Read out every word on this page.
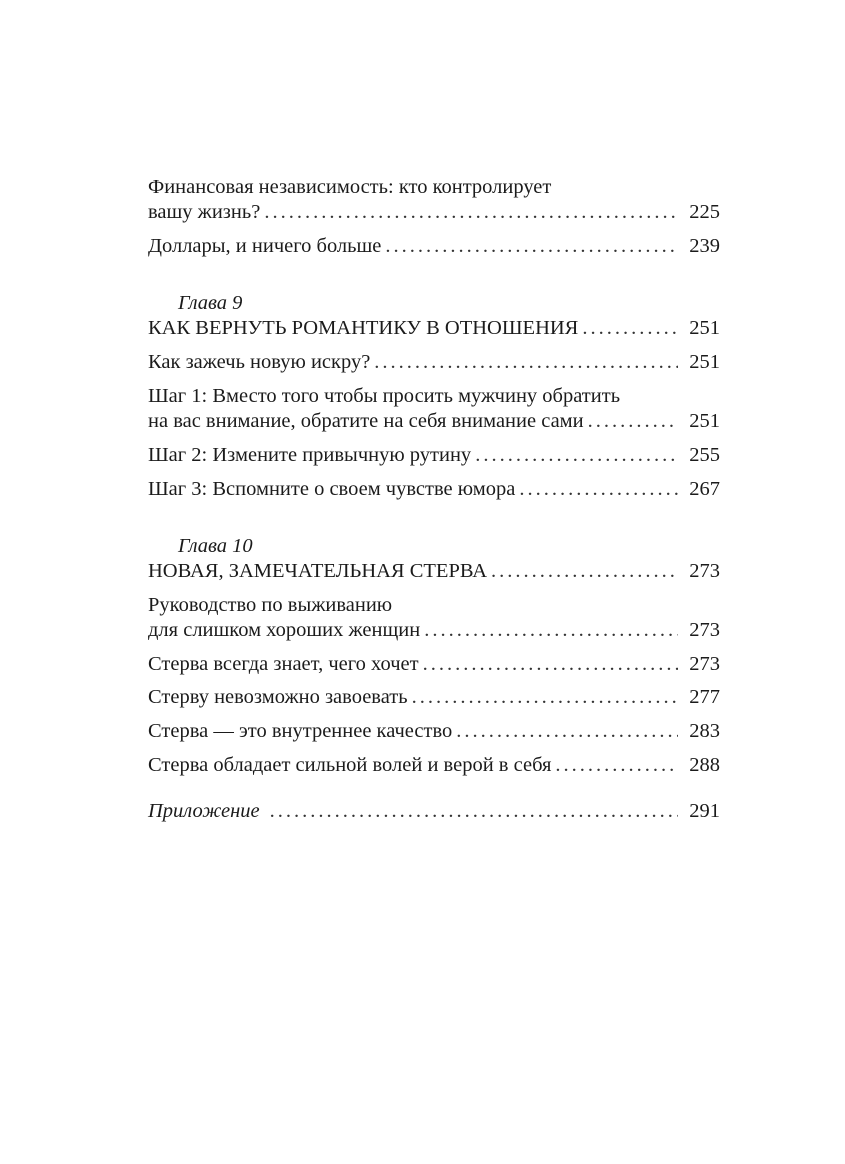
Финансовая независимость: кто контролирует
вашу жизнь? .....	225
Доллары, и ничего больше .....	239
Глава 9
КАК ВЕРНУТЬ РОМАНТИКУ В ОТНОШЕНИЯ .....	251
Как зажечь новую искру? .....	251
Шаг 1: Вместо того чтобы просить мужчину обратить
на вас внимание, обратите на себя внимание сами .....	251
Шаг 2: Измените привычную рутину .....	255
Шаг 3: Вспомните о своем чувстве юмора .....	267
Глава 10
НОВАЯ, ЗАМЕЧАТЕЛЬНАЯ СТЕРВА .....	273
Руководство по выживанию
для слишком хороших женщин .....	273
Стерва всегда знает, чего хочет .....	273
Стерву невозможно завоевать .....	277
Стерва — это внутреннее качество .....	283
Стерва обладает сильной волей и верой в себя .....	288
Приложение .....	291
